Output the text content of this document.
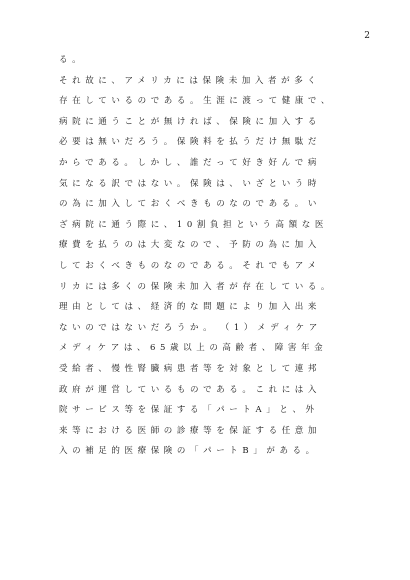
2
る。
それ故に、アメリカには保険未加入者が多く
存在しているのである。生涯に渡って健康で、
病院に通うことが無ければ、保険に加入する
必要は無いだろう。保険料を払うだけ無駄だ
からである。しかし、誰だって好き好んで病
気になる訳ではない。保険は、いざという時
の為に加入しておくべきものなのである。い
ざ病院に通う際に、10割負担という高額な医
療費を払うのは大変なので、予防の為に加入
しておくべきものなのである。それでもアメ
リカには多くの保険未加入者が存在している。
理由としては、経済的な問題により加入出来
ないのではないだろうか。　（1）メディケア
メディケアは、65歳以上の高齢者、障害年金
受給者、慢性腎臓病患者等を対象として連邦
政府が運営しているものである。これには入
院サービス等を保証する「パートA」と、外
来等における医師の診療等を保証する任意加
入の補足的医療保険の「パートB」がある。
